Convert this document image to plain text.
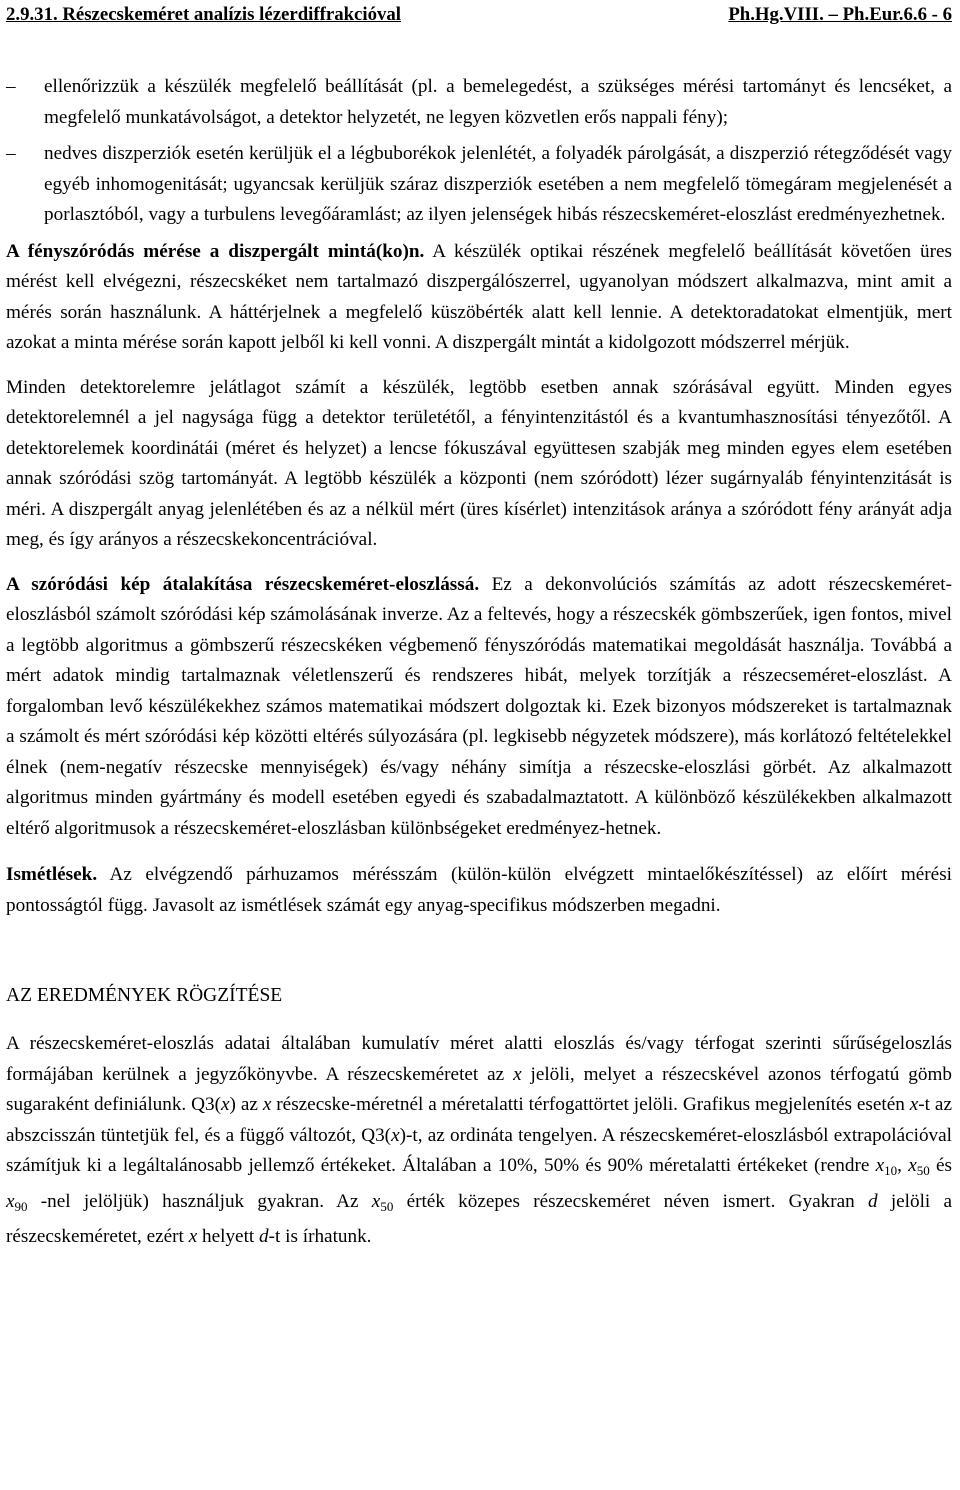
2.9.31. Részecskeméret analízis lézerdiffrakcióval	Ph.Hg.VIII. – Ph.Eur.6.6 - 6
–	ellenőrizzük a készülék megfelelő beállítását (pl. a bemelegedést, a szükséges mérési tartományt és lencséket, a megfelelő munkatávolságot, a detektor helyzetét, ne legyen közvetlen erős nappali fény);
–	nedves diszperziók esetén kerüljük el a légbuborékok jelenlétét, a folyadék párolgását, a diszperzió rétegződését vagy egyéb inhomogenitását; ugyancsak kerüljük száraz diszperziók esetében a nem megfelelő tömegáram megjelenését a porlasztóból, vagy a turbulens levegőáramlást; az ilyen jelenségek hibás részecskeméret-eloszlást eredményezhetnek.

A fényszóródás mérése a diszpergált mintá(ko)n. A készülék optikai részének megfelelő beállítását követően üres mérést kell elvégezni, részecskéket nem tartalmazó diszpergálószerrel, ugyanolyan módszert alkalmazva, mint amit a mérés során használunk. A háttérjelnek a megfelelő küszöbérték alatt kell lennie. A detektoradatokat elmentjük, mert azokat a minta mérése során kapott jelből ki kell vonni. A diszpergált mintát a kidolgozott módszerrel mérjük.

Minden detektorelemre jelátlagot számít a készülék, legtöbb esetben annak szórásával együtt. Minden egyes detektorelemnél a jel nagysága függ a detektor területétől, a fényintenzitástól és a kvantumhasznosítási tényezőtől. A detektorelemek koordinátái (méret és helyzet) a lencse fókuszával együttesen szabják meg minden egyes elem esetében annak szóródási szög tartományát. A legtöbb készülék a központi (nem szóródott) lézer sugárnyaláb fényintenzitását is méri. A diszpergált anyag jelenlétében és az a nélkül mért (üres kísérlet) intenzitások aránya a szóródott fény arányát adja meg, és így arányos a részecskekoncentrációval.

A szóródási kép átalakítása részecskeméret-eloszlássá. Ez a dekonvolúciós számítás az adott részecskeméret-eloszlásból számolt szóródási kép számolásának inverze. Az a feltevés, hogy a részecskék gömbszerűek, igen fontos, mivel a legtöbb algoritmus a gömbszerű részecskéken végbemenő fényszóródás matematikai megoldását használja. Továbbá a mért adatok mindig tartalmaznak véletlenszerű és rendszeres hibát, melyek torzítják a részecseméret-eloszlást. A forgalomban levő készülékekhez számos matematikai módszert dolgoztak ki. Ezek bizonyos módszereket is tartalmaznak a számolt és mért szóródási kép közötti eltérés súlyozására (pl. legkisebb négyzetek módszere), más korlátozó feltételekkel élnek (nem-negatív részecske mennyiségek) és/vagy néhány simítja a részecske-eloszlási görbét. Az alkalmazott algoritmus minden gyártmány és modell esetében egyedi és szabadalmaztatott. A különböző készülékekben alkalmazott eltérő algoritmusok a részecskeméret-eloszlásban különbségeket eredményez-hetnek.

Ismétlések. Az elvégzendő párhuzamos mérésszám (külön-külön elvégzett mintaelőkészítéssel) az előírt mérési pontosságtól függ. Javasolt az ismétlések számát egy anyag-specifikus módszerben megadni.

AZ EREDMÉNYEK RÖGZÍTÉSE

A részecskeméret-eloszlás adatai általában kumulatív méret alatti eloszlás és/vagy térfogat szerinti sűrűségeloszlás formájában kerülnek a jegyzőkönyvbe. A részecskeméretet az x jelöli, melyet a részecskével azonos térfogatú gömb sugaraként definiálunk. Q3(x) az x részecske-méretnél a méretalatti térfogattörtet jelöli. Grafikus megjelenítés esetén x-t az abszcisszán tüntetjük fel, és a függő változót, Q3(x)-t, az ordináta tengelyen. A részecskeméret-eloszlásból extrapolációval számítjuk ki a legáltalánosabb jellemző értékeket. Általában a 10%, 50% és 90% méretalatti értékeket (rendre $x_{10}$, $x_{50}$ és $x_{90}$ -nel jelöljük) használjuk gyakran. Az $x_{50}$ érték közepes részecskeméret néven ismert. Gyakran d jelöli a részecskeméretet, ezért x helyett d-t is írhatunk.
